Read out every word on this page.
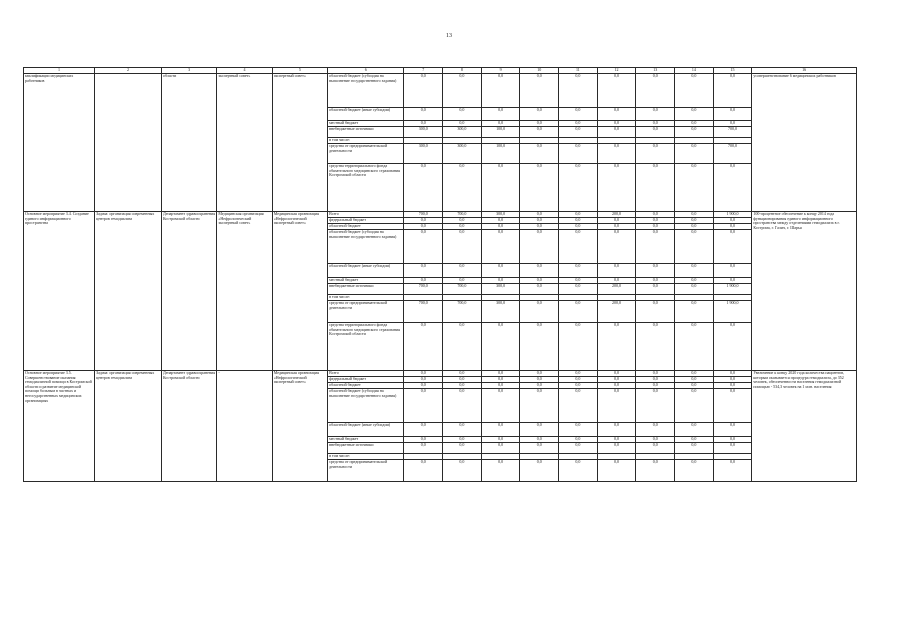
13
1	2	3	4	5	6	7	8	9	10	11	12	13	14	15	16
квалификации медицинских работников		области	экспертный совет»	экспертный совет»	областной бюджет (субсидия на выполнение государственного задания)	0,0	0,0	0,0	0,0	0,0	0,0	0,0	0,0	0,0	усовершенствование 6 медицинских работников
					областной бюджет (иные субсидии)	0,0	0,0	0,0	0,0	0,0	0,0	0,0	0,0	0,0	
					местный бюджет	0,0	0,0	0,0	0,0	0,0	0,0	0,0	0,0	0,0	
					внебюджетные источники	300,0	300,0	100,0	0,0	0,0	0,0	0,0	0,0	700,0	
					в том числе:										
					средства от предпринимательской деятельности	300,0	300,0	100,0	0,0	0,0	0,0	0,0	0,0	700,0	
					средства территориального фонда обязательного медицинского страхования Костромской области	0,0	0,0	0,0	0,0	0,0	0,0	0,0	0,0	0,0	
Основное мероприятие 3.4. Создание единого информационного пространства	Задача: организация современных центров гемодиализа	Департамент здравоохранения Костромской области	Медицинская организация «Нефрологический экспертный совет»	Медицинская организация «Нефрологический экспертный совет»	Всего	700,0	700,0	300,0	0,0	0,0	200,0	0,0	0,0	1 900,0	100-процентное обеспечение к концу 2014 года функционирования единого информационного пространства между отделениями гемодиализа в г. Кострома, г. Галич, г. Шарья
					федеральный бюджет	0,0	0,0	0,0	0,0	0,0	0,0	0,0	0,0	0,0	
					областной бюджет	0,0	0,0	0,0	0,0	0,0	0,0	0,0	0,0	0,0	
					областной бюджет (субсидия на выполнение государственного задания)	0,0	0,0	0,0	0,0	0,0	0,0	0,0	0,0	0,0	
					областной бюджет (иные субсидии)	0,0	0,0	0,0	0,0	0,0	0,0	0,0	0,0	0,0	
					местный бюджет	0,0	0,0	0,0	0,0	0,0	0,0	0,0	0,0	0,0	
					внебюджетные источники	700,0	700,0	300,0	0,0	0,0	200,0	0,0	0,0	1 900,0	
					в том числе:										
					средства от предпринимательской деятельности	700,0	700,0	300,0	0,0	0,0	200,0	0,0	0,0	1 900,0	
					средства территориального фонда обязательного медицинского страхования Костромской области	0,0	0,0	0,0	0,0	0,0	0,0	0,0	0,0	0,0	
Основное мероприятие 3.5. Совершенствование оказания гемодиализной помощи в Костромской области и развитие медицинской помощи больным в частных и негосударственных медицинских организациях	Задача: организация современных центров гемодиализа	Департамент здравоохранения Костромской области	-	Медицинская организация «Нефрологический экспертный совет»	Всего	0,0	0,0	0,0	0,0	0,0	0,0	0,0	0,0	0,0	Увеличение к концу 2020 года количества пациентов, которым оказывается процедура гемодиализа, до 352 человек, обеспеченности населения гемодиализной помощью - 534,3 человек на 1 млн. населения
					федеральный бюджет	0,0	0,0	0,0	0,0	0,0	0,0	0,0	0,0	0,0	
					областной бюджет	0,0	0,0	0,0	0,0	0,0	0,0	0,0	0,0	0,0	
					областной бюджет (субсидия на выполнение государственного задания)	0,0	0,0	0,0	0,0	0,0	0,0	0,0	0,0	0,0	
					областной бюджет (иные субсидии)	0,0	0,0	0,0	0,0	0,0	0,0	0,0	0,0	0,0	
					местный бюджет	0,0	0,0	0,0	0,0	0,0	0,0	0,0	0,0	0,0	
					внебюджетные источники	0,0	0,0	0,0	0,0	0,0	0,0	0,0	0,0	0,0	
					в том числе:										
					средства от предпринимательской деятельности	0,0	0,0	0,0	0,0	0,0	0,0	0,0	0,0	0,0	
